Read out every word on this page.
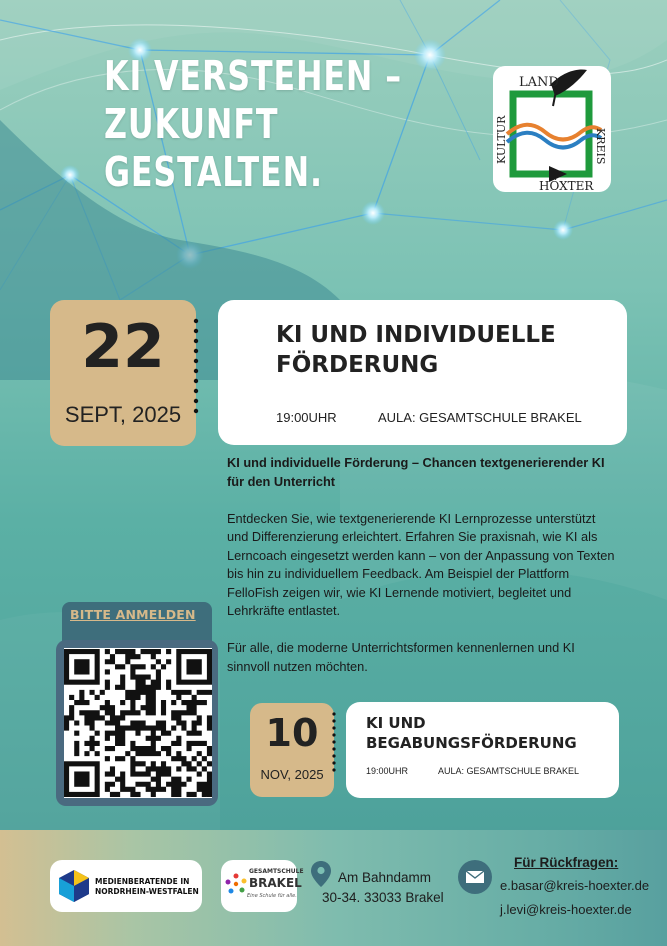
KI VERSTEHEN –
ZUKUNFT
GESTALTEN.
LAND
KULTUR	KREIS
HÖXTER
22
SEPT, 2025
KI UND INDIVIDUELLE
FÖRDERUNG
19:00UHR	AULA: GESAMTSCHULE BRAKEL

KI und individuelle Förderung – Chancen textgenerierender KI für den Unterricht

Entdecken Sie, wie textgenerierende KI Lernprozesse unterstützt und Differenzierung erleichtert. Erfahren Sie praxisnah, wie KI als Lerncoach eingesetzt werden kann – von der Anpassung von Texten bis hin zu individuellem Feedback. Am Beispiel der Plattform FelloFish zeigen wir, wie KI Lernende motiviert, begleitet und Lehrkräfte entlastet.

Für alle, die moderne Unterrichtsformen kennenlernen und KI sinnvoll nutzen möchten.

BITTE ANMELDEN
10
NOV, 2025
KI UND
BEGABUNGSFÖRDERUNG
19:00UHR	AULA: GESAMTSCHULE BRAKEL
MEDIENBERATENDE IN
NORDRHEIN-WESTFALEN
GESAMTSCHULE
BRAKEL
Eine Schule für alle.
Am Bahndamm
30-34. 33033 Brakel
Für Rückfragen:
e.basar@kreis-hoexter.de
j.levi@kreis-hoexter.de
